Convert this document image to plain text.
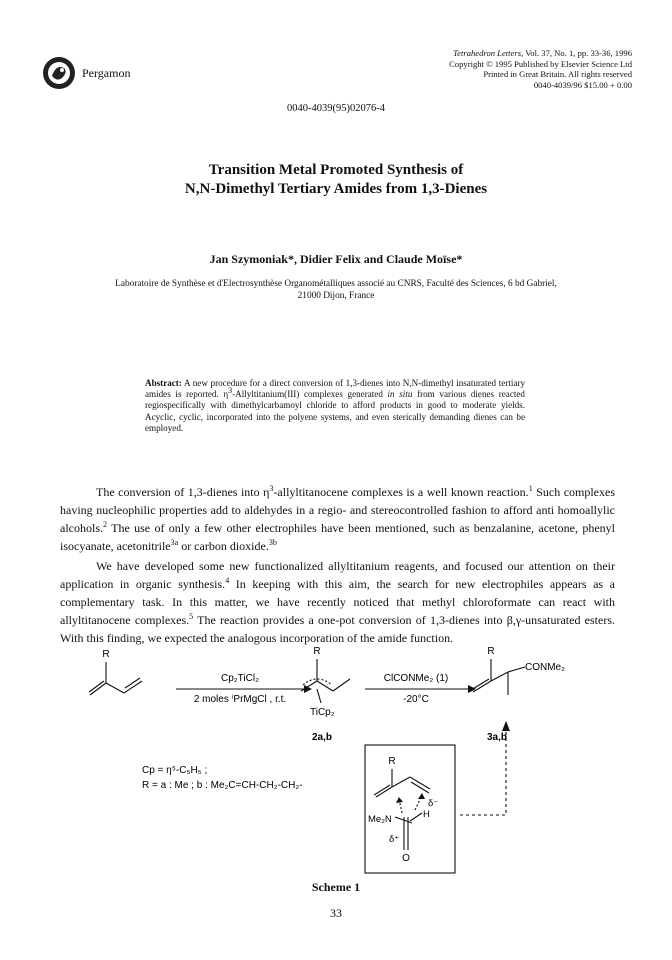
Pergamon
Tetrahedron Letters, Vol. 37, No. 1, pp. 33-36, 1996
Copyright © 1995 Published by Elsevier Science Ltd
Printed in Great Britain. All rights reserved
0040-4039/96 $15.00 + 0.00
0040-4039(95)02076-4
Transition Metal Promoted Synthesis of
N,N-Dimethyl Tertiary Amides from 1,3-Dienes
Jan Szymoniak*, Didier Felix and Claude Moïse*
Laboratoire de Synthèse et d'Electrosynthèse Organométalliques associé au CNRS, Faculté des Sciences, 6 bd Gabriel,
21000 Dijon, France
Abstract: A new procedure for a direct conversion of 1,3-dienes into N,N-dimethyl insaturated tertiary amides is reported. $\eta^3-Allyltitanium(III)$ complexes generated in situ from various dienes reacted regiospecifically with dimethylcarbamoyl chloride to afford products in good to moderate yields. Acyclic, cyclic, incorporated into the polyene systems, and even sterically demanding dienes can be employed.

The conversion of 1,3-dienes into $\eta^3$-allyltitanocene complexes is a well known reaction.$^1$ Such complexes having nucleophilic properties add to aldehydes in a regio- and stereocontrolled fashion to afford anti homoallylic alcohols.$^2$ The use of only a few other electrophiles have been mentioned, such as benzalanine, acetone, phenyl isocyanate, acetonitrile$^{3a}$ or carbon dioxide.$^{3b}$

We have developed some new functionalized allyltitanium reagents, and focused our attention on their application in organic synthesis.$^4$ In keeping with this aim, the search for new electrophiles appears as a complementary task. In this matter, we have recently noticed that methyl chloroformate can react with allyltitanocene complexes.$^5$ The reaction provides a one-pot conversion of 1,3-dienes into β,γ-unsaturated esters. With this finding, we expected the analogous incorporation of the amide function.

R
Cp₂TiCl₂
2 moles ⁱPrMgCl , r.t.
R
TiCp₂
ClCONMe₂ (1)
-20°C
R
CONMe₂
2a,b	3a,b
Cp = η⁵-C₅H₅ ;
R = a : Me ; b : Me₂C=CH-CH₂-CH₂-
R
Me₂N	H
δ⁻
δ⁺
O
Scheme 1
33
